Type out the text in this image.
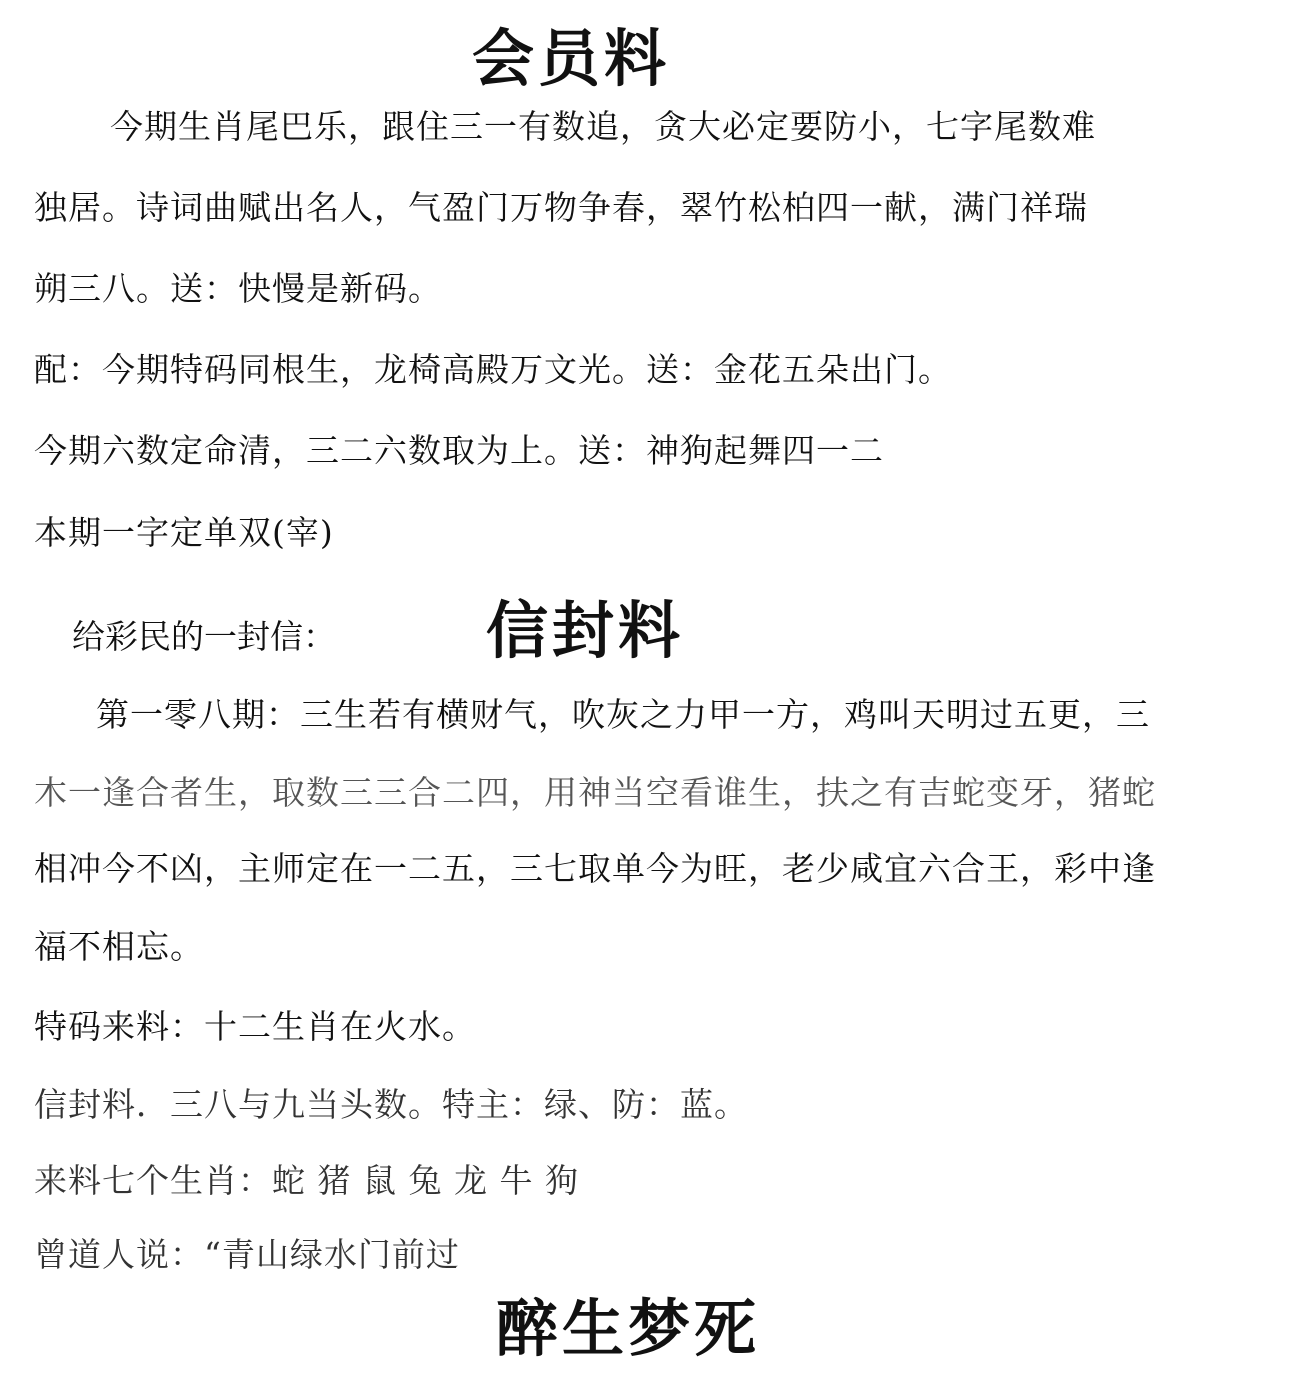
会员料
今期生肖尾巴乐，跟住三一有数追，贪大必定要防小，七字尾数难
独居。诗词曲赋出名人，气盈门万物争春，翠竹松柏四一献，满门祥瑞
朔三八。送：快慢是新码。
配：今期特码同根生，龙椅高殿万文光。送：金花五朵出门。
今期六数定命清，三二六数取为上。送：神狗起舞四一二
本期一字定单双(宰)
给彩民的一封信： 信封料
第一零八期：三生若有横财气，吹灰之力甲一方，鸡叫天明过五更，三
木一逢合者生，取数三三合二四，用神当空看谁生，扶之有吉蛇变牙，猪蛇
相冲今不凶，主师定在一二五，三七取单今为旺，老少咸宜六合王，彩中逢
福不相忘。
特码来料：十二生肖在火水。
信封料．三八与九当头数。特主：绿、防：蓝。
来料七个生肖：蛇 猪 鼠 兔 龙 牛 狗
曾道人说：“青山绿水门前过
醉生梦死
